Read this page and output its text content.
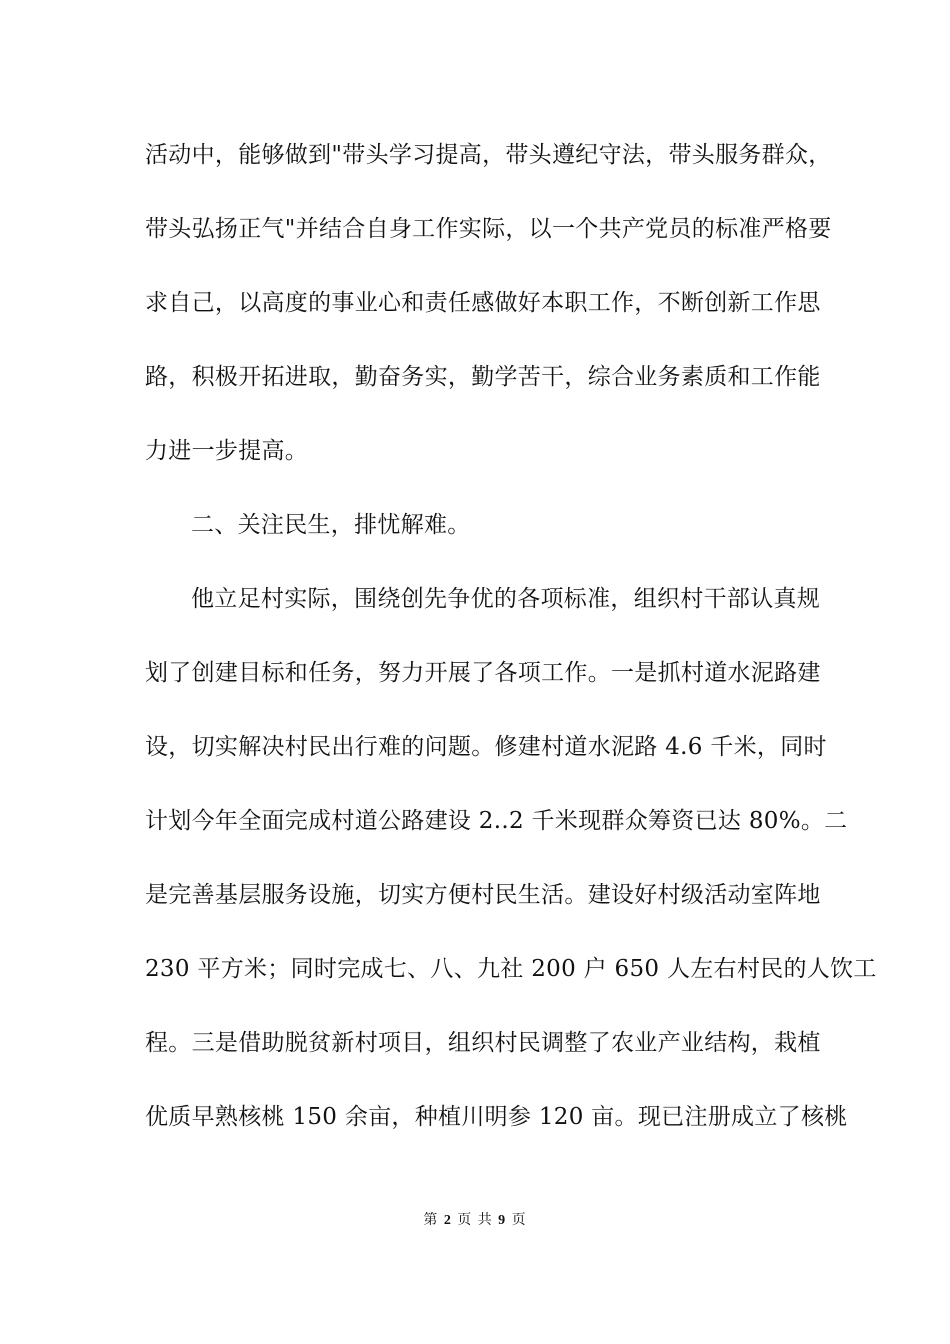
活动中，能够做到"带头学习提高，带头遵纪守法，带头服务群众，
带头弘扬正气"并结合自身工作实际，以一个共产党员的标准严格要
求自己，以高度的事业心和责任感做好本职工作，不断创新工作思
路，积极开拓进取，勤奋务实，勤学苦干，综合业务素质和工作能
力进一步提高。
二、关注民生，排忧解难。
他立足村实际，围绕创先争优的各项标准，组织村干部认真规
划了创建目标和任务，努力开展了各项工作。一是抓村道水泥路建
设，切实解决村民出行难的问题。修建村道水泥路 4.6 千米，同时
计划今年全面完成村道公路建设 2..2 千米现群众筹资已达 80%。二
是完善基层服务设施，切实方便村民生活。建设好村级活动室阵地
230 平方米；同时完成七、八、九社 200 户 650 人左右村民的人饮工
程。三是借助脱贫新村项目，组织村民调整了农业产业结构，栽植
优质早熟核桃 150 余亩，种植川明参 120 亩。现已注册成立了核桃
第 2 页 共 9 页
